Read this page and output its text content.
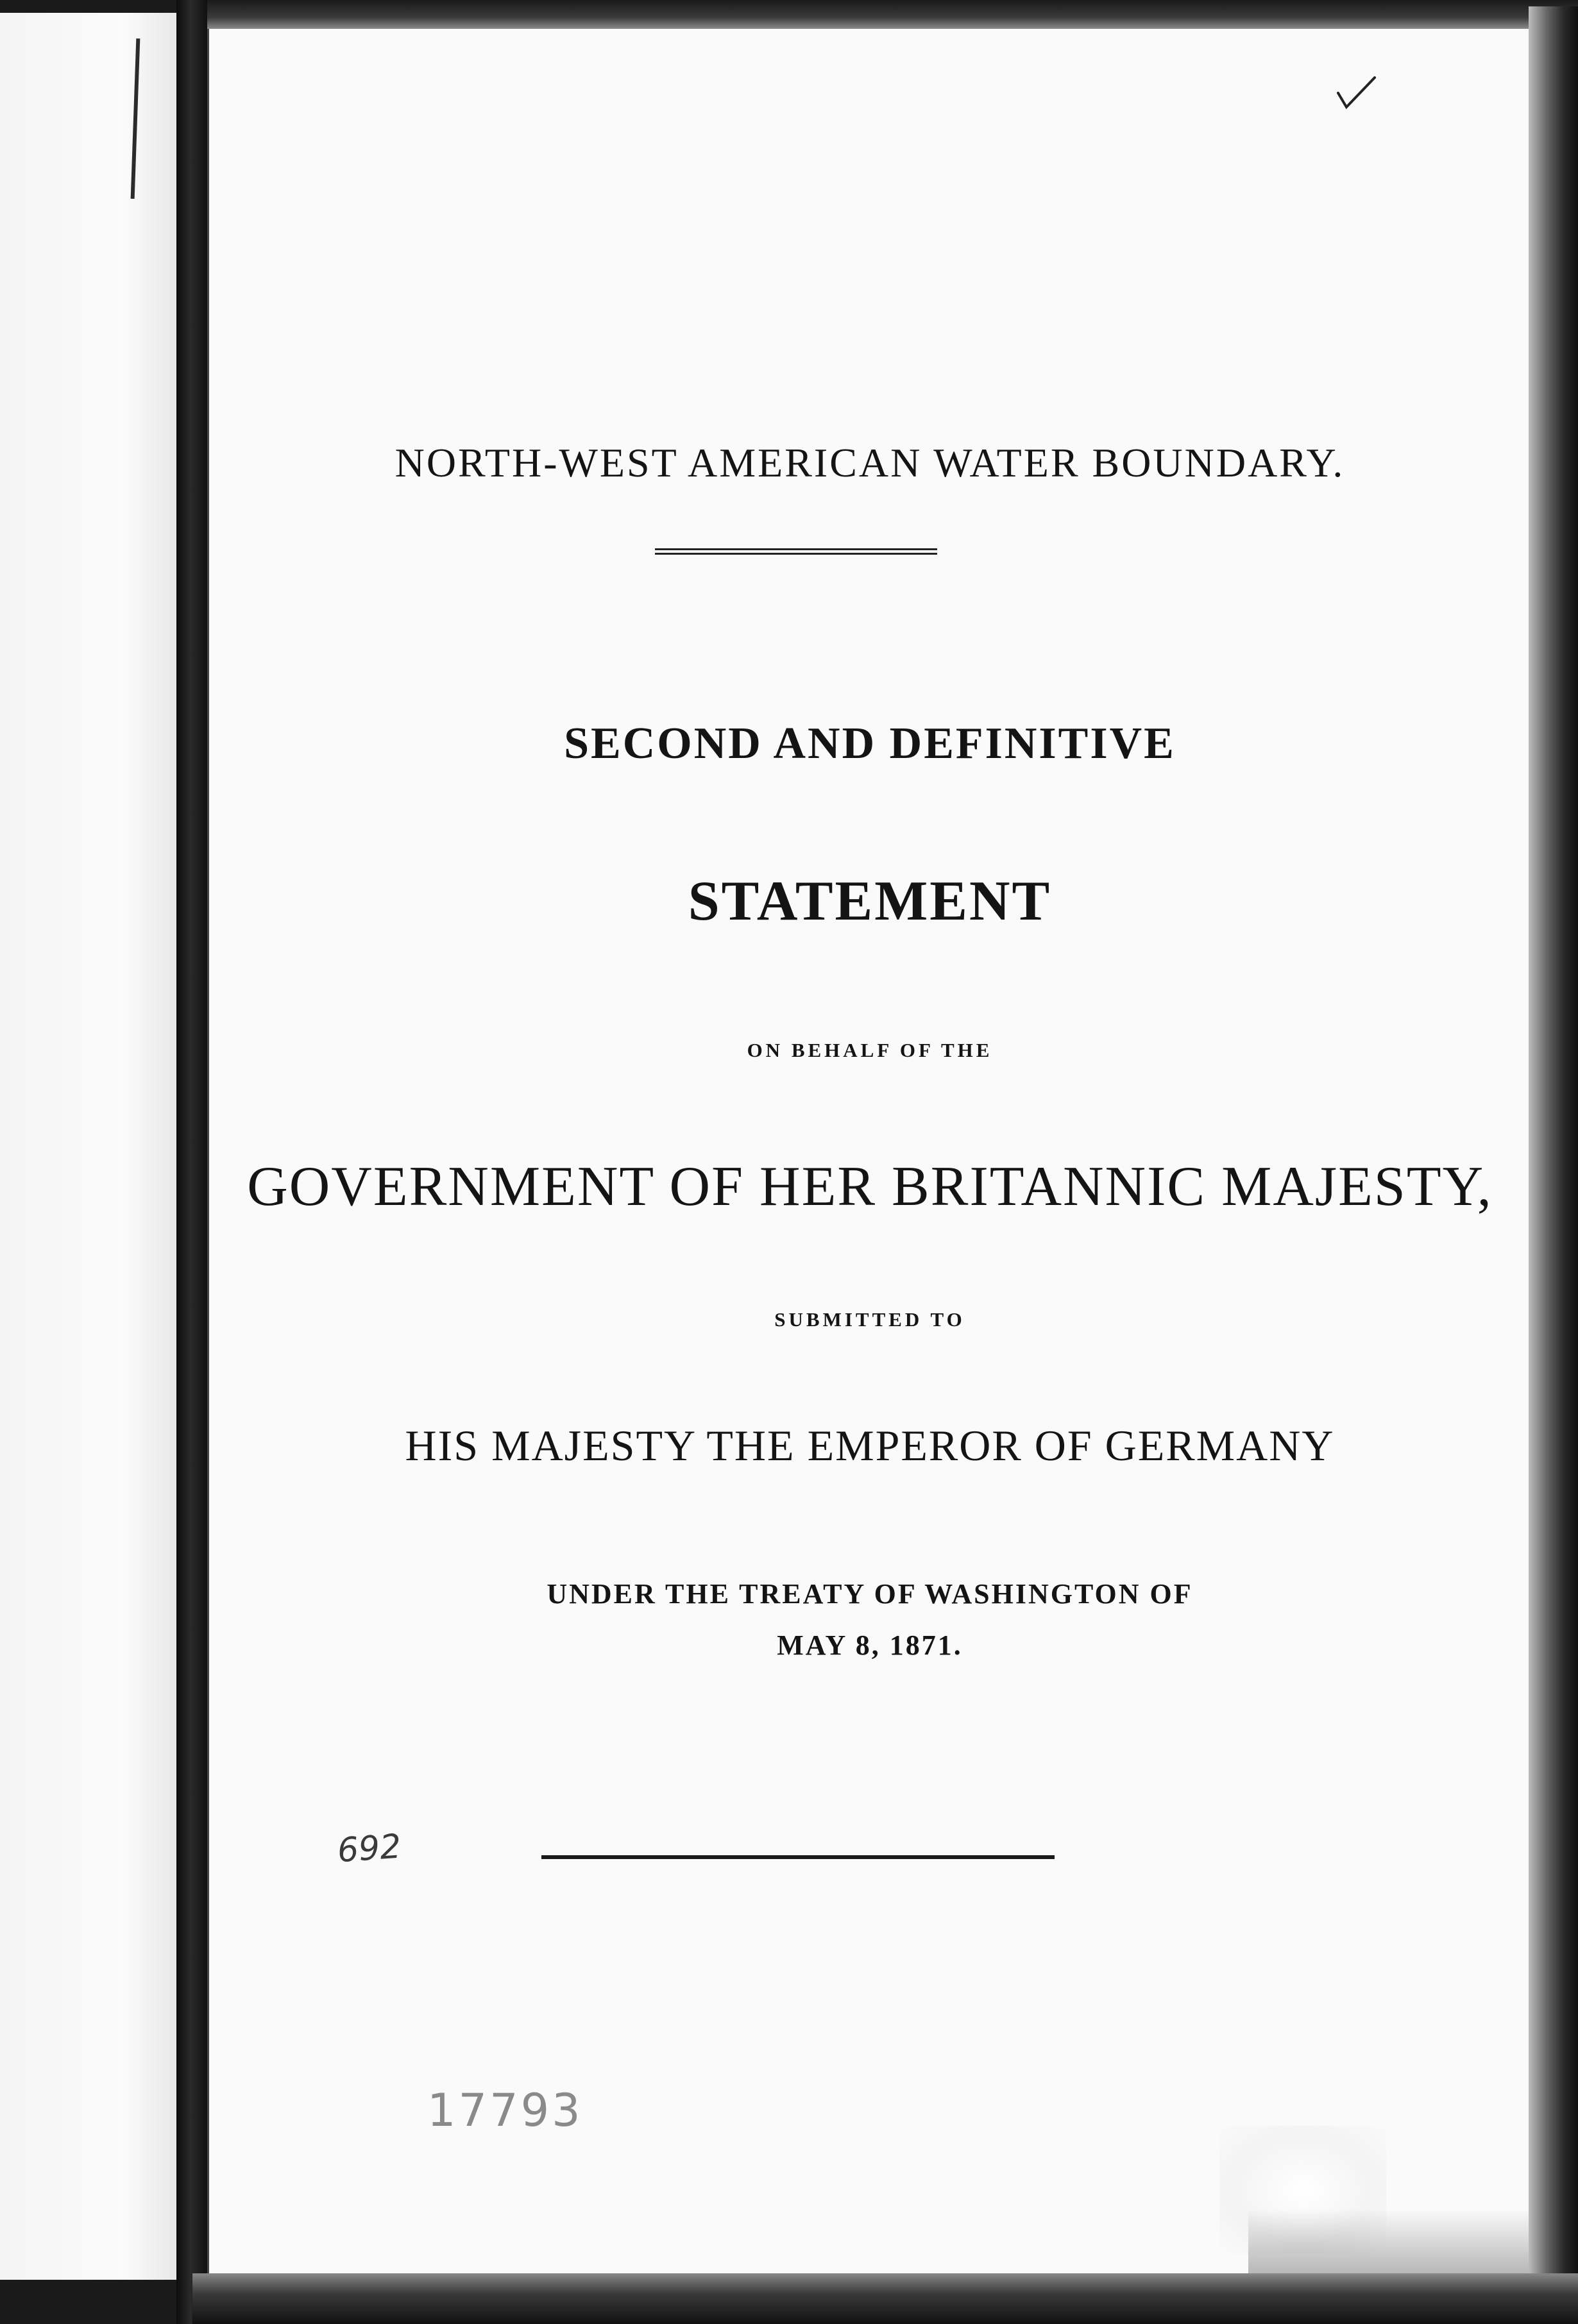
NORTH-WEST AMERICAN WATER BOUNDARY.
SECOND AND DEFINITIVE
STATEMENT
ON BEHALF OF THE
GOVERNMENT OF HER BRITANNIC MAJESTY,
SUBMITTED TO
HIS MAJESTY THE EMPEROR OF GERMANY
UNDER THE TREATY OF WASHINGTON OF
MAY 8, 1871.
692
17793
